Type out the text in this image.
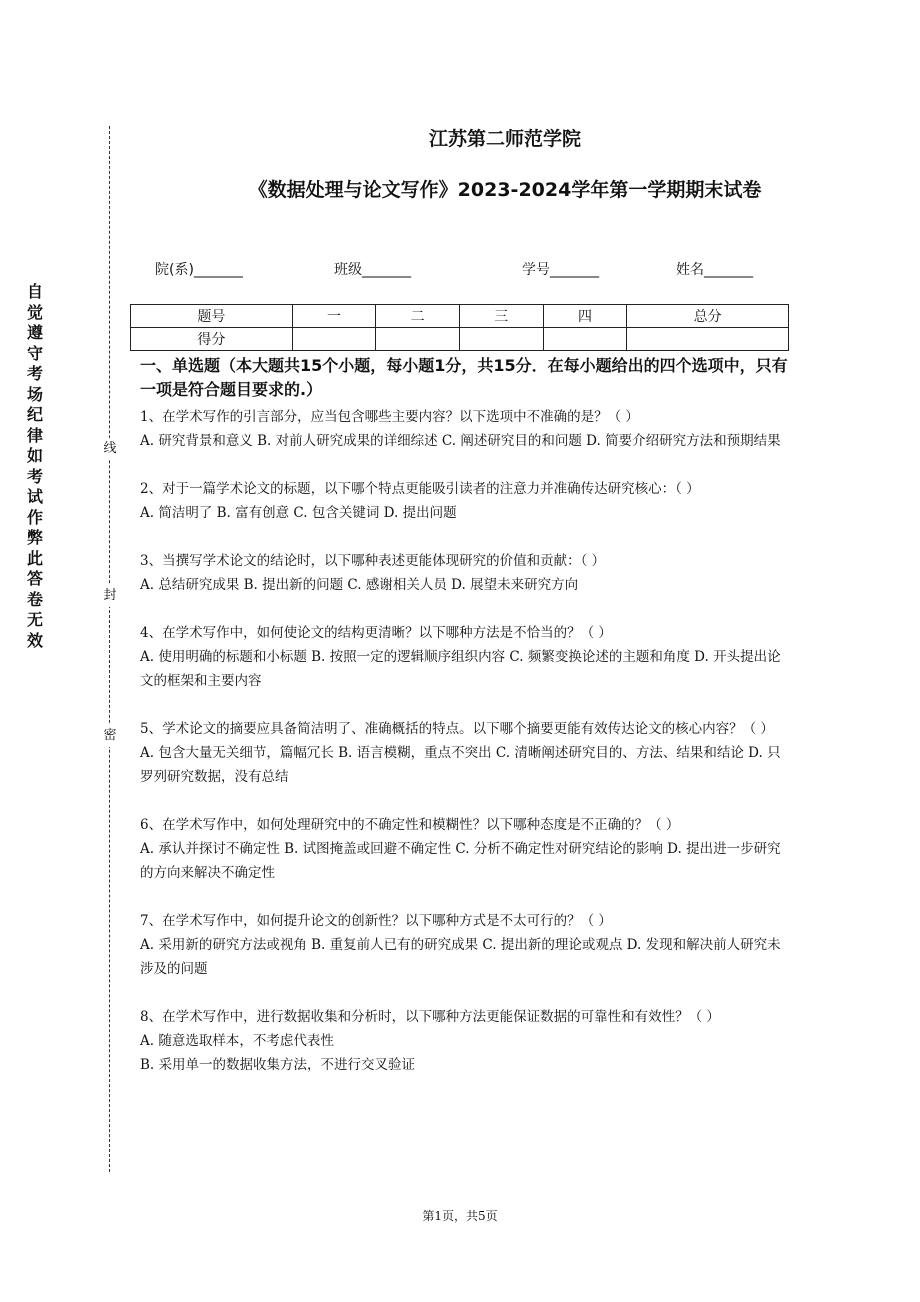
自觉遵守考场纪律如考试作弊此答卷无效
线
封
密
江苏第二师范学院
《数据处理与论文写作》2023-2024学年第一学期期末试卷
院(系)_______	班级_______	学号_______	姓名_______
题号	一	二	三	四	总分
得分					
一、单选题（本大题共15个小题，每小题1分，共15分．在每小题给出的四个选项中，只有一项是符合题目要求的.）

1、在学术写作的引言部分，应当包含哪些主要内容？以下选项中不准确的是？（ ）

A. 研究背景和意义 B. 对前人研究成果的详细综述 C. 阐述研究目的和问题 D. 简要介绍研究方法和预期结果

2、对于一篇学术论文的标题，以下哪个特点更能吸引读者的注意力并准确传达研究核心：（ ）

A. 简洁明了 B. 富有创意 C. 包含关键词 D. 提出问题

3、当撰写学术论文的结论时，以下哪种表述更能体现研究的价值和贡献：（ ）

A. 总结研究成果 B. 提出新的问题 C. 感谢相关人员 D. 展望未来研究方向

4、在学术写作中，如何使论文的结构更清晰？以下哪种方法是不恰当的？（ ）

A. 使用明确的标题和小标题 B. 按照一定的逻辑顺序组织内容 C. 频繁变换论述的主题和角度 D. 开头提出论文的框架和主要内容

5、学术论文的摘要应具备简洁明了、准确概括的特点。以下哪个摘要更能有效传达论文的核心内容？（ ）

A. 包含大量无关细节，篇幅冗长 B. 语言模糊，重点不突出 C. 清晰阐述研究目的、方法、结果和结论 D. 只罗列研究数据，没有总结

6、在学术写作中，如何处理研究中的不确定性和模糊性？以下哪种态度是不正确的？（ ）

A. 承认并探讨不确定性 B. 试图掩盖或回避不确定性 C. 分析不确定性对研究结论的影响 D. 提出进一步研究的方向来解决不确定性

7、在学术写作中，如何提升论文的创新性？以下哪种方式是不太可行的？（ ）

A. 采用新的研究方法或视角 B. 重复前人已有的研究成果 C. 提出新的理论或观点 D. 发现和解决前人研究未涉及的问题

8、在学术写作中，进行数据收集和分析时，以下哪种方法更能保证数据的可靠性和有效性？（ ）

A. 随意选取样本，不考虑代表性

B. 采用单一的数据收集方法，不进行交叉验证

第1页，共5页
